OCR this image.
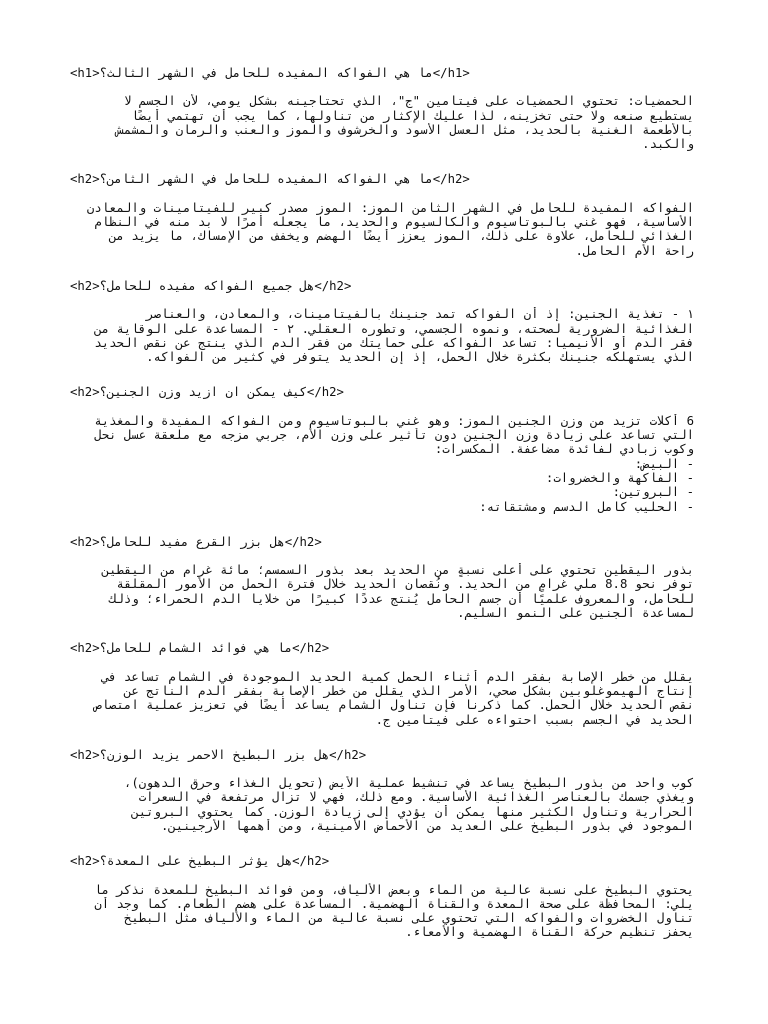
<h1>ما هي الفواكه المفيده للحامل في الشهر الثالث؟</h1>
الحمضيات: تحتوي الحمضيات على فيتامين "ج"، الذي تحتاجينه بشكل يومي، لأن الجسم لا
يستطيع صنعه ولا حتى تخزينه، لذا عليك الإكثار من تناولها، كما يجب أن تهتمي أيضًا
بالأطعمة الغنية بالحديد، مثل العسل الأسود والخرشوف والموز والعنب والرمان والمشمش
والكبد.
<h2>ما هي الفواكه المفيده للحامل في الشهر الثامن؟</h2>
الفواكه المفيدة للحامل في الشهر الثامن الموز: الموز مصدر كبير للفيتامينات والمعادن
الأساسية، فهو غني بالبوتاسيوم والكالسيوم والحديد، ما يجعله أمرًا لا بد منه في النظام
الغذائي للحامل، علاوة على ذلك، الموز يعزز أيضًا الهضم ويخفف من الإمساك، ما يزيد من
راحة الأم الحامل.
<h2>هل جميع الفواكه مفيده للحامل؟</h2>
١ - تغذية الجنين: إذ أن الفواكه تمد جنينك بالفيتامينات، والمعادن، والعناصر
الغذائية الضرورية لصحته، ونموه الجسمي، وتطوره العقلي. ٢ - المساعدة على الوقاية من
فقر الدم أو الأنيميا: تساعد الفواكه على حمايتك من فقر الدم الذي ينتج عن نقص الحديد
الذي يستهلكه جنينك بكثرة خلال الحمل، إذ إن الحديد يتوفر في كثير من الفواكه.
<h2>كيف يمكن ان ازيد وزن الجنين؟</h2>
6 أكلات تزيد من وزن الجنين الموز: وهو غني بالبوتاسيوم ومن الفواكه المفيدة والمغذية
التي تساعد على زيادة وزن الجنين دون تأثير على وزن الأم، جربي مزجه مع ملعقة عسل نحل
وكوب زبادي لفائدة مضاعفة. المكسرات:
- البيض:
- الفاكهة والخضروات:
- البروتين:
- الحليب كامل الدسم ومشتقاته:
<h2>هل بزر القرع مفيد للحامل؟</h2>
بذور اليقطين تحتوي على أعلى نسبةٍ من الحديد بعد بذور السمسم؛ مائة غرام من اليقطين
توفر نحو 8.8 ملي غرامٍ من الحديد. ونُقصان الحديد خلال فترة الحمل من الأمور المقلقة
للحامل، والمعروف علميًا أن جسم الحامل يُنتج عددًا كبيرًا من خلايا الدم الحمراء؛ وذلك
لمساعدة الجنين على النمو السليم.
<h2>ما هي فوائد الشمام للحامل؟</h2>
يقلل من خطر الإصابة بفقر الدم أثناء الحمل كمية الحديد الموجودة في الشمام تساعد في
إنتاج الهيموغلوبين بشكل صحي، الأمر الذي يقلل من خطر الإصابة بفقر الدم الناتج عن
نقص الحديد خلال الحمل. كما ذكرنا فإن تناول الشمام يساعد أيضًا في تعزيز عملية امتصاص
الحديد في الجسم بسبب احتواءه على فيتامين ج.
<h2>هل بزر البطيخ الاحمر يزيد الوزن؟</h2>
كوب واحد من بذور البطيخ يساعد في تنشيط عملية الأيض (تحويل الغذاء وحرق الدهون)،
ويغذي جسمك بالعناصر الغذائية الأساسية. ومع ذلك، فهي لا تزال مرتفعة في السعرات
الحرارية وتناول الكثير منها يمكن أن يؤدي إلى زيادة الوزن. كما يحتوي البروتين
الموجود في بذور البطيخ على العديد من الأحماض الأمينية، ومن أهمها الأرجينين.
<h2>هل يؤثر البطيخ على المعدة؟</h2>
يحتوي البطيخ على نسبة عالية من الماء وبعض الألياف، ومن فوائد البطيخ للمعدة نذكر ما
يلي: المحافظة على صحة المعدة والقناة الهضمية. المساعدة على هضم الطعام. كما وجد أن
تناول الخضروات والفواكه التي تحتوي على نسبة عالية من الماء والألياف مثل البطيخ
يحفز تنظيم حركة القناة الهضمية والأمعاء.
